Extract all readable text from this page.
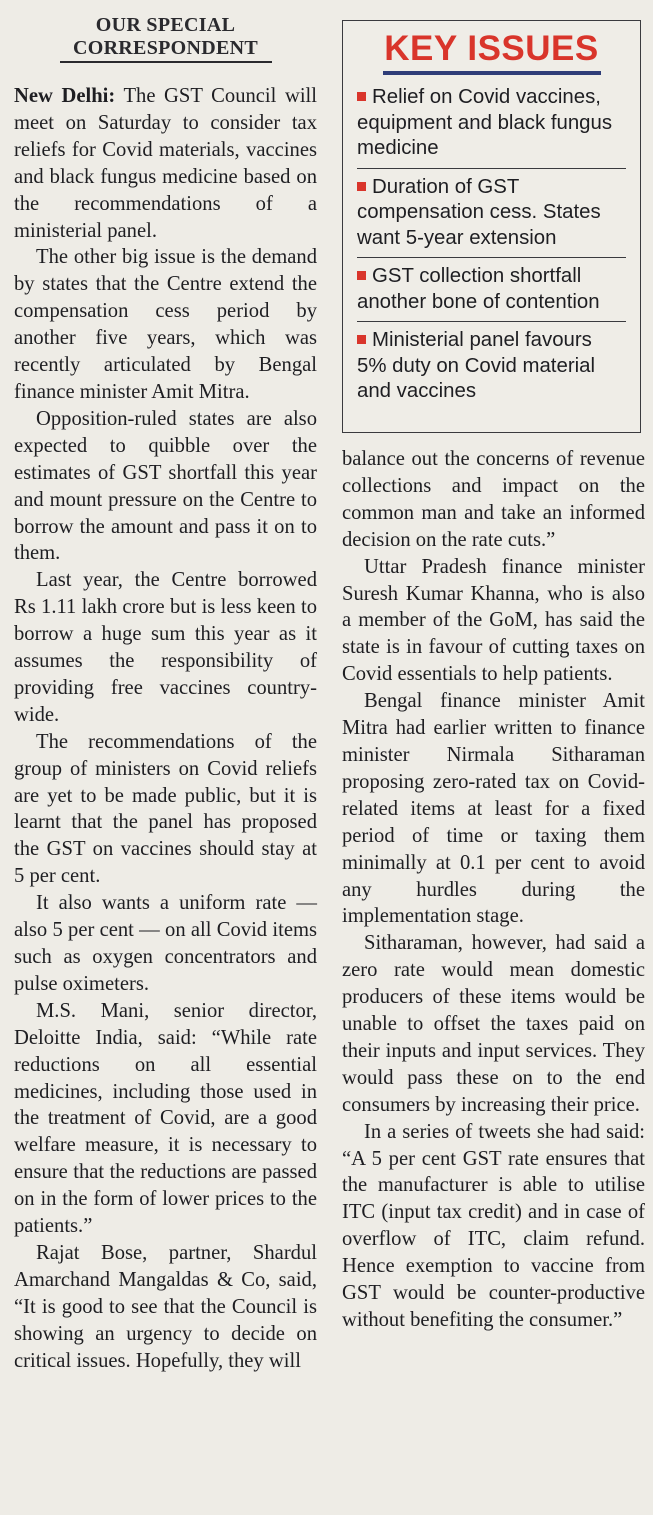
OUR SPECIAL
CORRESPONDENT

New Delhi: The GST Council will meet on Saturday to consider tax reliefs for Covid materials, vaccines and black fungus medicine based on the recommendations of a ministerial panel.

The other big issue is the demand by states that the Centre extend the compensation cess period by another five years, which was recently articulated by Bengal finance minister Amit Mitra.

Opposition-ruled states are also expected to quibble over the estimates of GST shortfall this year and mount pressure on the Centre to borrow the amount and pass it on to them.

Last year, the Centre borrowed Rs 1.11 lakh crore but is less keen to borrow a huge sum this year as it assumes the responsibility of providing free vaccines country-wide.

The recommendations of the group of ministers on Covid reliefs are yet to be made public, but it is learnt that the panel has proposed the GST on vaccines should stay at 5 per cent.

It also wants a uniform rate — also 5 per cent — on all Covid items such as oxygen concentrators and pulse oximeters.

M.S. Mani, senior director, Deloitte India, said: “While rate reductions on all essential medicines, including those used in the treatment of Covid, are a good welfare measure, it is necessary to ensure that the reductions are passed on in the form of lower prices to the patients.”

Rajat Bose, partner, Shardul Amarchand Mangaldas & Co, said, “It is good to see that the Council is showing an urgency to decide on critical issues. Hopefully, they will

KEY ISSUES
Relief on Covid vaccines, equipment and black fungus medicine
Duration of GST compensation cess. States want 5-year extension
GST collection shortfall another bone of contention
Ministerial panel favours 5% duty on Covid material and vaccines

balance out the concerns of revenue collections and impact on the common man and take an informed decision on the rate cuts.”

Uttar Pradesh finance minister Suresh Kumar Khanna, who is also a member of the GoM, has said the state is in favour of cutting taxes on Covid essentials to help patients.

Bengal finance minister Amit Mitra had earlier written to finance minister Nirmala Sitharaman proposing zero-rated tax on Covid-related items at least for a fixed period of time or taxing them minimally at 0.1 per cent to avoid any hurdles during the implementation stage.

Sitharaman, however, had said a zero rate would mean domestic producers of these items would be unable to offset the taxes paid on their inputs and input services. They would pass these on to the end consumers by increasing their price.

In a series of tweets she had said: “A 5 per cent GST rate ensures that the manufacturer is able to utilise ITC (input tax credit) and in case of overflow of ITC, claim refund. Hence exemption to vaccine from GST would be counter-productive without benefiting the consumer.”
